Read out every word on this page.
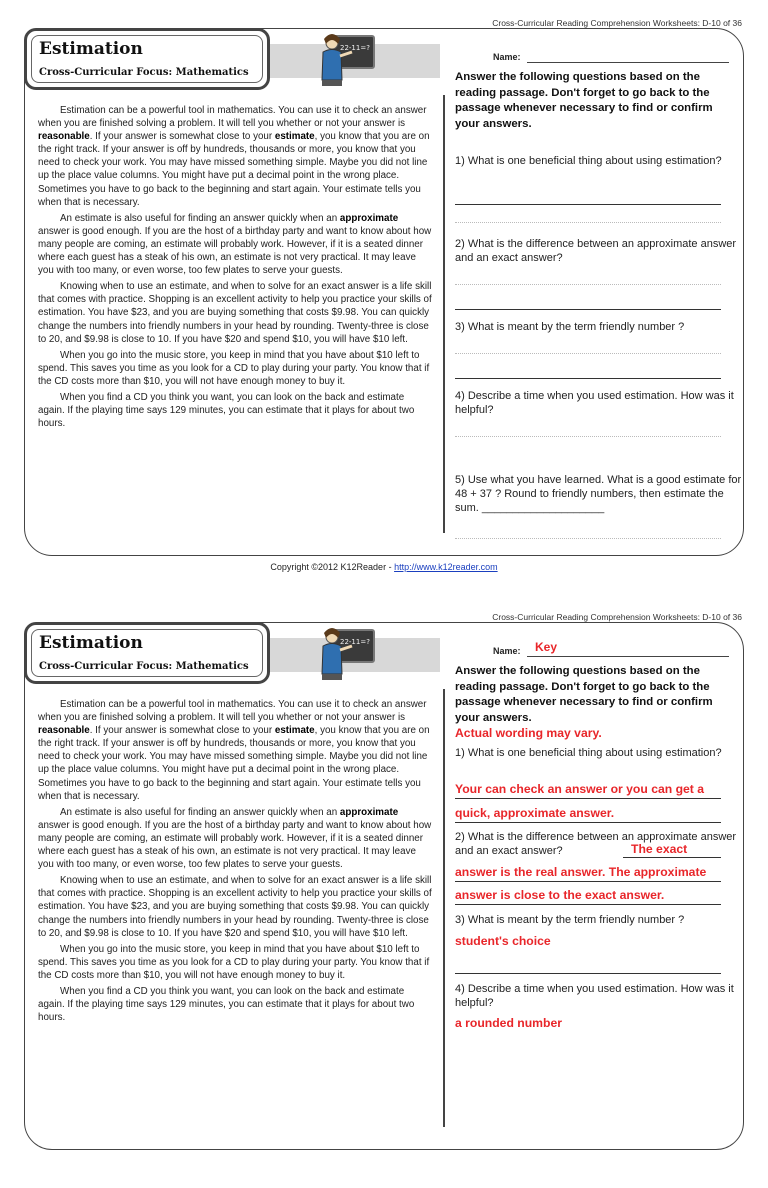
Cross-Curricular Reading Comprehension Worksheets: D-10 of 36
Estimation
Cross-Curricular Focus: Mathematics
22-11=?

Estimation can be a powerful tool in mathematics. You can use it to check an answer when you are finished solving a problem. It will tell you whether or not your answer is reasonable. If your answer is somewhat close to your estimate, you know that you are on the right track. If your answer is off by hundreds, thousands or more, you know that you need to check your work. You may have missed something simple. Maybe you did not line up the place value columns. You might have put a decimal point in the wrong place. Sometimes you have to go back to the beginning and start again. Your estimate tells you when that is necessary.

An estimate is also useful for finding an answer quickly when an approximate answer is good enough. If you are the host of a birthday party and want to know about how many people are coming, an estimate will probably work. However, if it is a seated dinner where each guest has a steak of his own, an estimate is not very practical. It may leave you with too many, or even worse, too few plates to serve your guests.

Knowing when to use an estimate, and when to solve for an exact answer is a life skill that comes with practice. Shopping is an excellent activity to help you practice your skills of estimation. You have $23, and you are buying something that costs $9.98. You can quickly change the numbers into friendly numbers in your head by rounding. Twenty-three is close to 20, and $9.98 is close to 10. If you have $20 and spend $10, you will have $10 left.

When you go into the music store, you keep in mind that you have about $10 left to spend. This saves you time as you look for a CD to play during your party. You know that if the CD costs more than $10, you will not have enough money to buy it.

When you find a CD you think you want, you can look on the back and estimate again. If the playing time says 129 minutes, you can estimate that it plays for about two hours.

Name:
Answer the following questions based on the reading passage. Don't forget to go back to the passage whenever necessary to find or confirm your answers.
1) What is one beneficial thing about using estimation?
2) What is the difference between an approximate answer and an exact answer?
3) What is meant by the term friendly number ?
4) Describe a time when you used estimation. How was it helpful?
5) Use what you have learned. What is a good estimate for 48 + 37 ? Round to friendly numbers, then estimate the sum. ____________________
Copyright ©2012 K12Reader - http://www.k12reader.com
Cross-Curricular Reading Comprehension Worksheets: D-10 of 36
Estimation
Cross-Curricular Focus: Mathematics
22-11=?

Estimation can be a powerful tool in mathematics. You can use it to check an answer when you are finished solving a problem. It will tell you whether or not your answer is reasonable. If your answer is somewhat close to your estimate, you know that you are on the right track. If your answer is off by hundreds, thousands or more, you know that you need to check your work. You may have missed something simple. Maybe you did not line up the place value columns. You might have put a decimal point in the wrong place. Sometimes you have to go back to the beginning and start again. Your estimate tells you when that is necessary.

An estimate is also useful for finding an answer quickly when an approximate answer is good enough. If you are the host of a birthday party and want to know about how many people are coming, an estimate will probably work. However, if it is a seated dinner where each guest has a steak of his own, an estimate is not very practical. It may leave you with too many, or even worse, too few plates to serve your guests.

Knowing when to use an estimate, and when to solve for an exact answer is a life skill that comes with practice. Shopping is an excellent activity to help you practice your skills of estimation. You have $23, and you are buying something that costs $9.98. You can quickly change the numbers into friendly numbers in your head by rounding. Twenty-three is close to 20, and $9.98 is close to 10. If you have $20 and spend $10, you will have $10 left.

When you go into the music store, you keep in mind that you have about $10 left to spend. This saves you time as you look for a CD to play during your party. You know that if the CD costs more than $10, you will not have enough money to buy it.

When you find a CD you think you want, you can look on the back and estimate again. If the playing time says 129 minutes, you can estimate that it plays for about two hours.

Name: Key
Answer the following questions based on the reading passage. Don't forget to go back to the passage whenever necessary to find or confirm your answers.
Actual wording may vary.
1) What is one beneficial thing about using estimation?
Your can check an answer or you can get a
quick, approximate answer.
2) What is the difference between an approximate answer and an exact answer?	The exact
answer is the real answer. The approximate
answer is close to the exact answer.
3) What is meant by the term friendly number ?
student's choice
4) Describe a time when you used estimation. How was it helpful?
a rounded number
